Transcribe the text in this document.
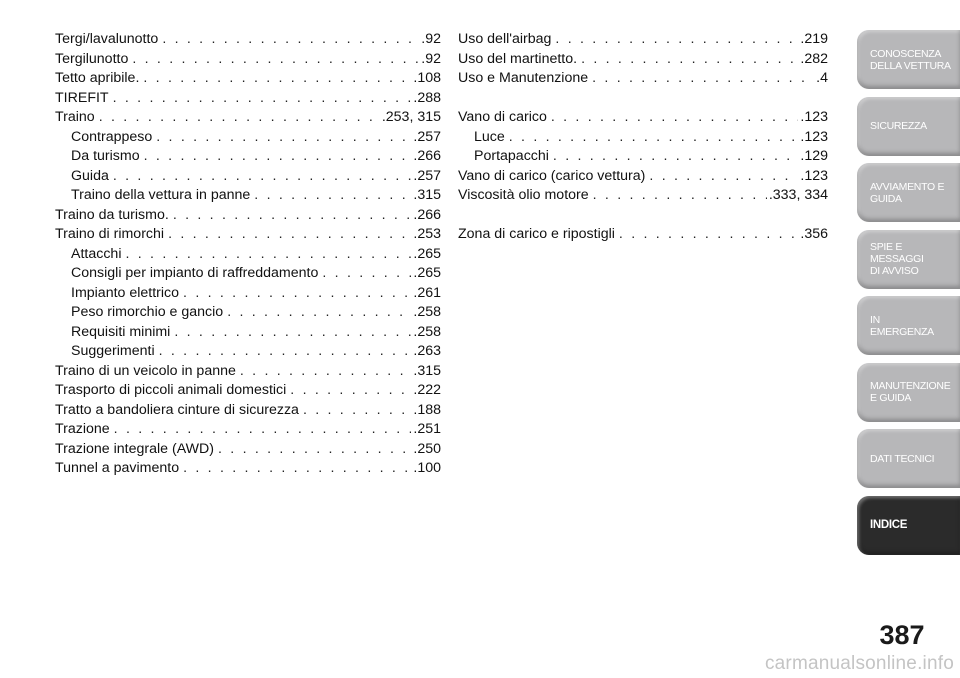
Tergi/lavalunotto . . .	.92
Tergilunotto . . .	.92
Tetto apribile. . . .	.108
TIREFIT . . .	.288
Traino . . .	.253, 315
Contrappeso . . .	.257
Da turismo . . .	.266
Guida . . .	.257
Traino della vettura in panne . . .	.315
Traino da turismo. . . .	.266
Traino di rimorchi . . .	.253
Attacchi . . .	.265
Consigli per impianto di raffreddamento . . .	.265
Impianto elettrico . . .	.261
Peso rimorchio e gancio . . .	.258
Requisiti minimi . . .	.258
Suggerimenti . . .	.263
Traino di un veicolo in panne . . .	.315
Trasporto di piccoli animali domestici . . .	.222
Tratto a bandoliera cinture di sicurezza . . .	.188
Trazione . . .	.251
Trazione integrale (AWD) . . .	.250
Tunnel a pavimento . . .	.100
Uso dell'airbag . . .	.219
Uso del martinetto. . . .	.282
Uso e Manutenzione . . .	.4
Vano di carico . . .	.123
Luce . . .	.123
Portapacchi . . .	.129
Vano di carico (carico vettura) . . .	.123
Viscosità olio motore . . .	.333, 334
Zona di carico e ripostigli . . .	.356
CONOSCENZA
DELLA VETTURA
SICUREZZA
AVVIAMENTO E
GUIDA
SPIE E
MESSAGGI
DI AVVISO
IN
EMERGENZA
MANUTENZIONE
E GUIDA
DATI TECNICI
INDICE
387
carmanualsonline.info
